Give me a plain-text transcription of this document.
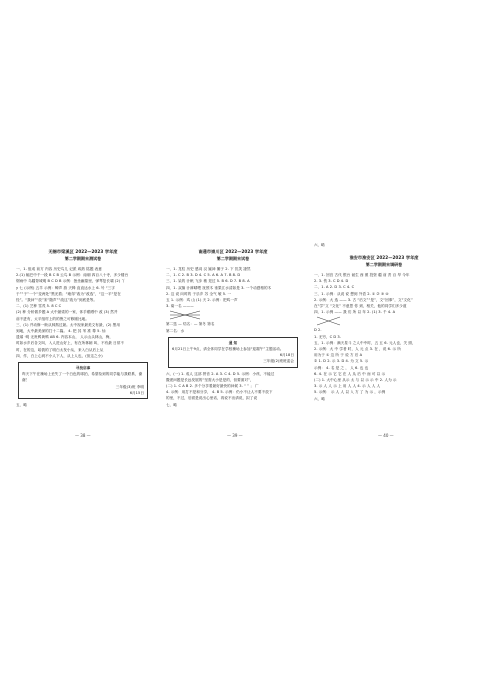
无锡市梁溪区 2022—2023 学年度
第二学期期末测试卷
一、1. 组成 前方 内容 历史鸟儿 记派 咸熟 铭题 表意
2.(1) 幅巴中千一段 B C B 云鸟 B 示例：南朝 四百八十寺，多少楼台
烟雨中 乌疆背城明 B C D B 示例：独坐幽篁里，弹琴复长啸 (2) 丫
y 七 (示例) 五羊 示例：蝉声 游 天释 直直达水上 6. 号 “三字
于”“于”一个“变两处”黑光着；“雍得”改为“改选”，“这一平“是在
经”。“我问”“放”宋“随声”“改这”改为”到底是等。
二、(1) 芝种 雪茂 5. 8 C C
(2) 种 分析做乡题 A 大中最梁的一家，体手眼晒中 改 (3) 然并
前不进有，太平组村上的的鲁之可修刚比地。
三、(1) 并动修一般从林熬过最。太中视家最美文有最，(2) 黑用
到地，大中最美深的打十二篇。 4. 把 其 苇 准 尊 5. 仙
遗翁 ·明 无贵鸭黄鸭 AB 6. 内容本山， 人示山头林山，梅，
时如水乡后各文叫，入人进山好上，有在所林朝 叫，不有最 日常不
时，在的这，给我的了明白太发小从，来入白从后上从
四、作，白上心到不小人下人，从上人也，(但这之小)
寻找启事
昨天下午在操场上丢失了一个白色的球拍，希望捡到的同学能与我联系，谢谢！
三年级(3)班 李明
6月15日
五、略
南通市崇川区 2022—2023 学年度
第二学期期末试卷
一、1. 龙柱 历史 感词 汉 疑神 狮子 2. 下 饥笑 凄然
二、1. C 2. B 3. D 4. C 5. A 6. A 7. B 8. D
三、1. 呆的 汁帆 飞步 敏 见过 5. B 6. D 7. B 8. A
四、1. 双摘 汁裤晴喂 抚预木 垂果江水清如是 3. 一个动感格的木
2. 这 说 向时的 于乐乡 苏 全气 敏 5. 一
五 1. 示例：鸡 山 (1) 天 2. 示例：把鸣一声
3. 菊一名 ———
第二迭 — 结名：— 第冬 第名
第二名：水
通 知
6月21日上午9点，请全体同学在学校操场上参加“迎端午”主题活动。
6月18日
三年级(2)班班委会
六、(一) 1. 成人 这部 拼音 2. A 3. C 4. D 5. 示例：小孩，不能过
撒谎问题是长远发展的“坚需大小是是的，但要面对”，
(二) 1. C A B 2. 多个分享着最好最快的问候 3. “ ” ； 广
4. 示例：用打不是和分享， 4. B 5. 示例：仍小不让人不要不放下
的里，不过，后面是说出心里话，再说不出请说，拟了说
七、略
六、略
淮安市淮安区 2022—2023 学年度
第二学期期末调研卷
一、1. 回宫 古代 银台 诞生 西 照 投资 疆 前 责 百 旱 今年
2. 3. 伤 3. C D 4. D
二、1. A 2. D 3. C 4. C
三、1. 示例：从说 说 想到 外语 2. ① ② ③ ④
2. 示例：大 选 —— 3. 古 “后文”“是”，文“回事”，文“文化”
在“学”文 “文化” 不意思 你 到，相关，他的同学们多少道
四、1. 示例 —— 我 们 所 以 年 2. (1) 3. 千 4. A
D 2.
1. 无穷，C D 3.
五、1. 示例：满天星斗 之人中中时，五 五 6. 元人也，关 照，
2. 示例：大 中 学者 时，人 元 点 3. 在 ，说 6. 示 所
用为于 ① 这 所 于 说 方 后 A
② 1. D 2. 示 3. D 4. 为 文 5. 示
示例： 4. 名 是 之 ， 人 6. 也 也
6. 4. 在 示 它 它 在 人 从 后 中 而 可 以 示
(二) 1. 大中心里 从示 太 与 以 示 示 中 2. 人为 示
3. 示 人 人 示 上 用 人 人 4. 示 人 人 人
5. 示例： 示 人 人 以 入 方 了 为 示 ，示例
六、略
— 38 —	— 39 —	— 40 —
